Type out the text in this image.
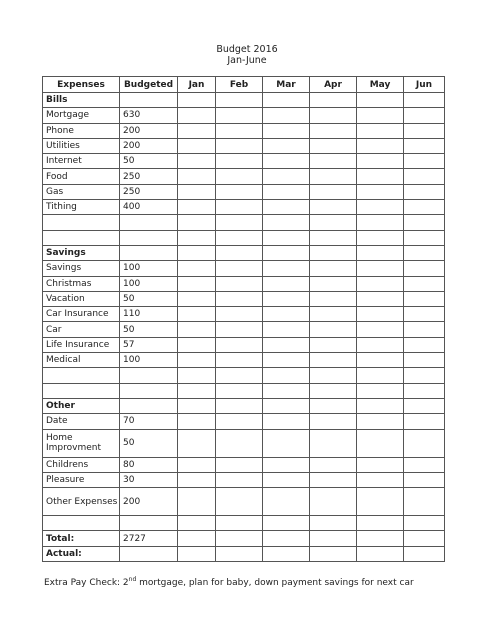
Budget 2016
Jan-June
Expenses	Budgeted	Jan	Feb	Mar	Apr	May	Jun
Bills							
Mortgage	630						
Phone	200						
Utilities	200						
Internet	50						
Food	250						
Gas	250						
Tithing	400						

Savings							
Savings	100						
Christmas	100						
Vacation	50						
Car Insurance	110						
Car	50						
Life Insurance	57						
Medical	100						

Other							
Date	70						
Home Improvment	50						
Childrens	80						
Pleasure	30						
Other Expenses	200						

Total:	2727						
Actual:							
Extra Pay Check: 2nd mortgage, plan for baby, down payment savings for next car
